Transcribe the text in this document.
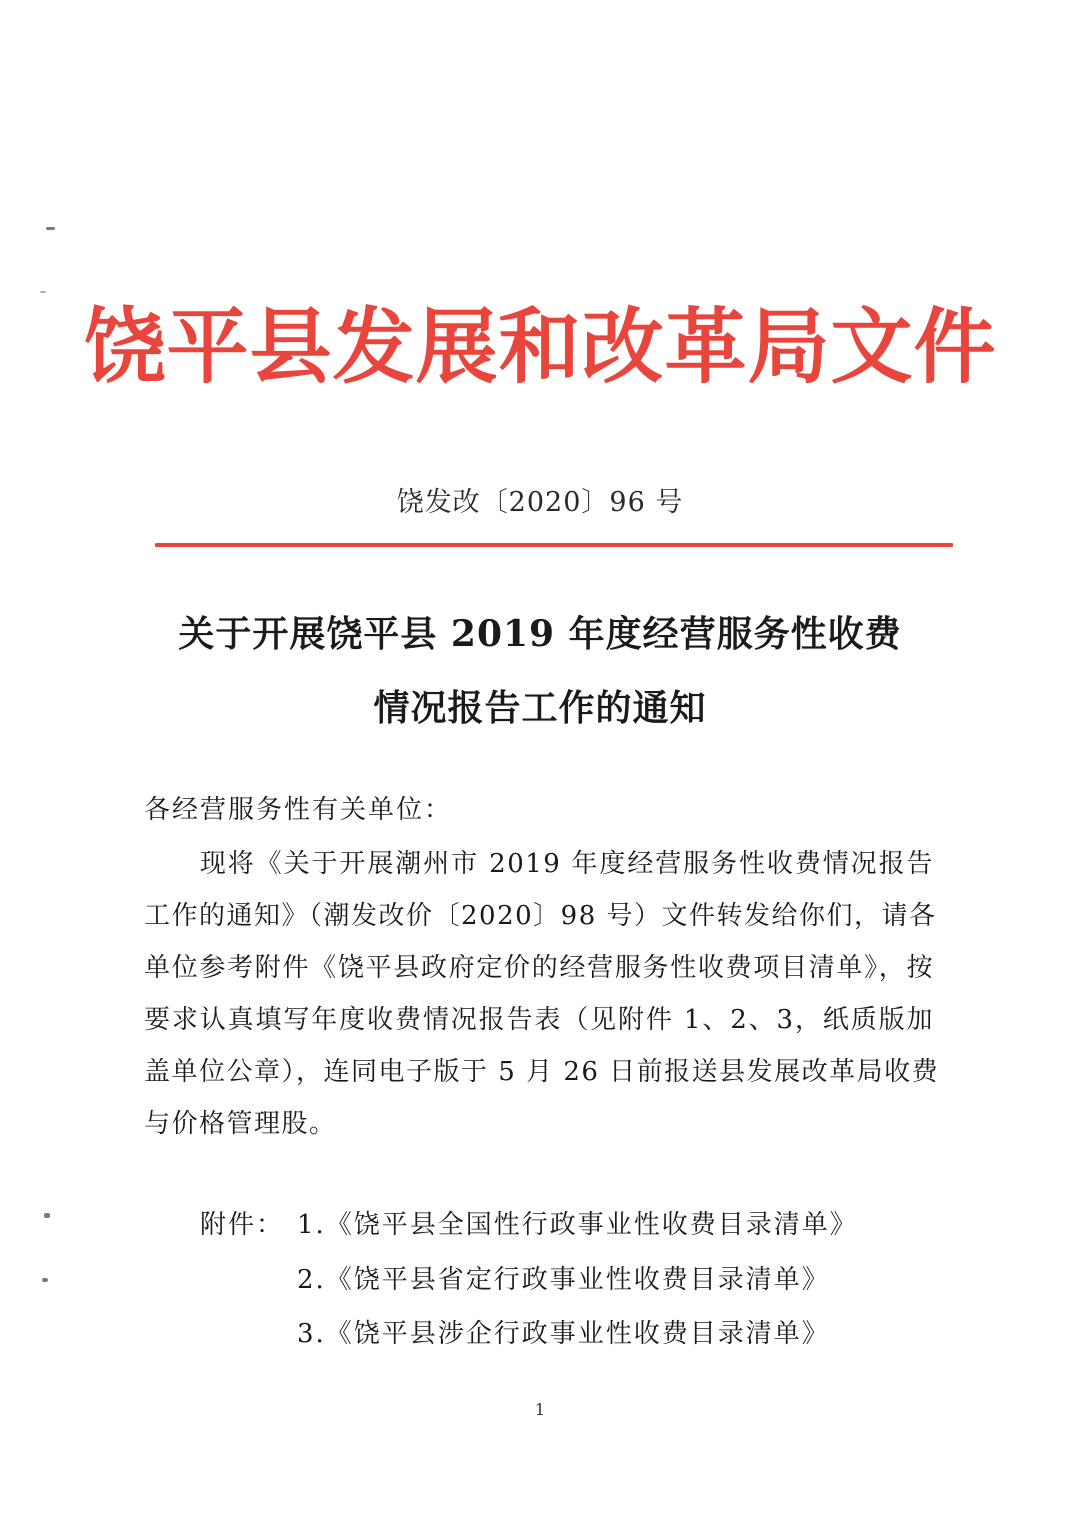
饶平县发展和改革局文件
饶发改〔2020〕96 号
关于开展饶平县 2019 年度经营服务性收费
情况报告工作的通知
各经营服务性有关单位：
　　现将《关于开展潮州市 2019 年度经营服务性收费情况报告
工作的通知》（潮发改价〔2020〕98 号）文件转发给你们，请各
单位参考附件《饶平县政府定价的经营服务性收费项目清单》，按
要求认真填写年度收费情况报告表（见附件 1、2、3，纸质版加
盖单位公章），连同电子版于 5 月 26 日前报送县发展改革局收费
与价格管理股。
附件： 1.《饶平县全国性行政事业性收费目录清单》
2.《饶平县省定行政事业性收费目录清单》
3.《饶平县涉企行政事业性收费目录清单》
1
